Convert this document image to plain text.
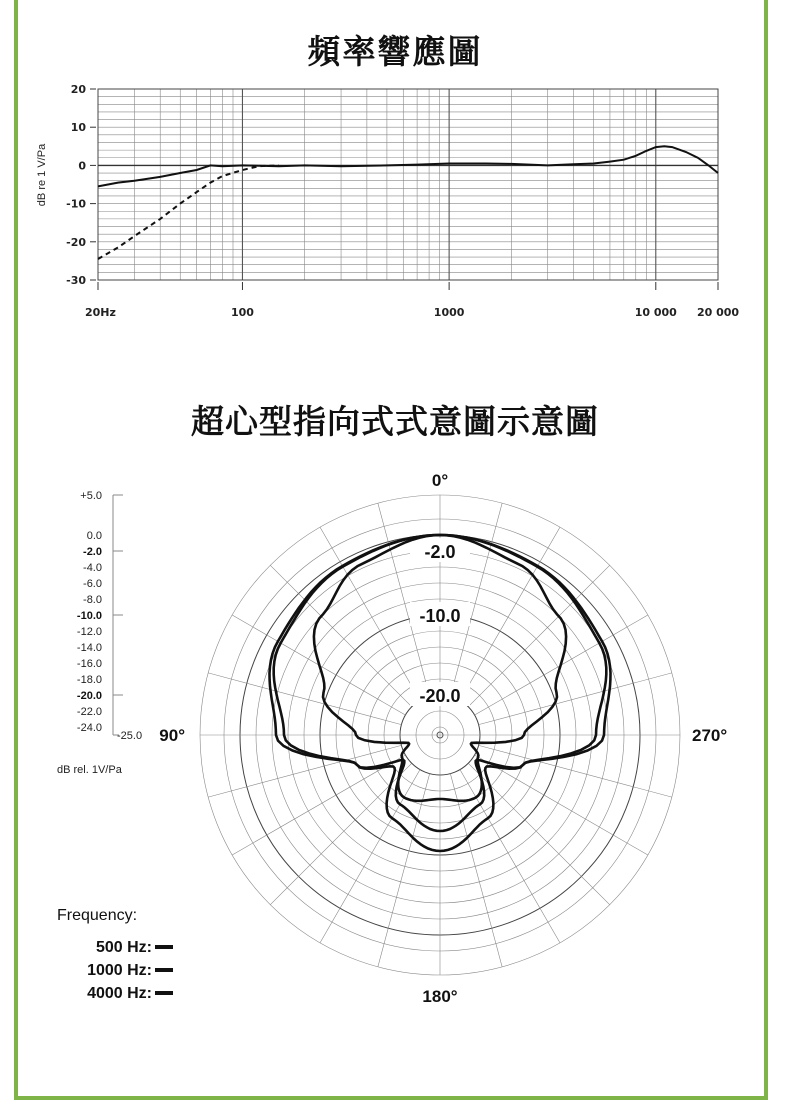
頻率響應圖
超心型指向式式意圖示意圖
20
10
0
-10
-20
-30
20Hz	100	1000	10 000 20 000
dB re 1 V/Pa
-2.0
-10.0
-20.0
+5.0
0.0
-2.0
-4.0
-6.0
-8.0
-10.0
-12.0
-14.0
-16.0
-18.0
-20.0
-22.0
-24.0
-25.0
0°
90°
180°
270°
dB rel. 1V/Pa
Frequency:
500 Hz:
1000 Hz:
4000 Hz:
